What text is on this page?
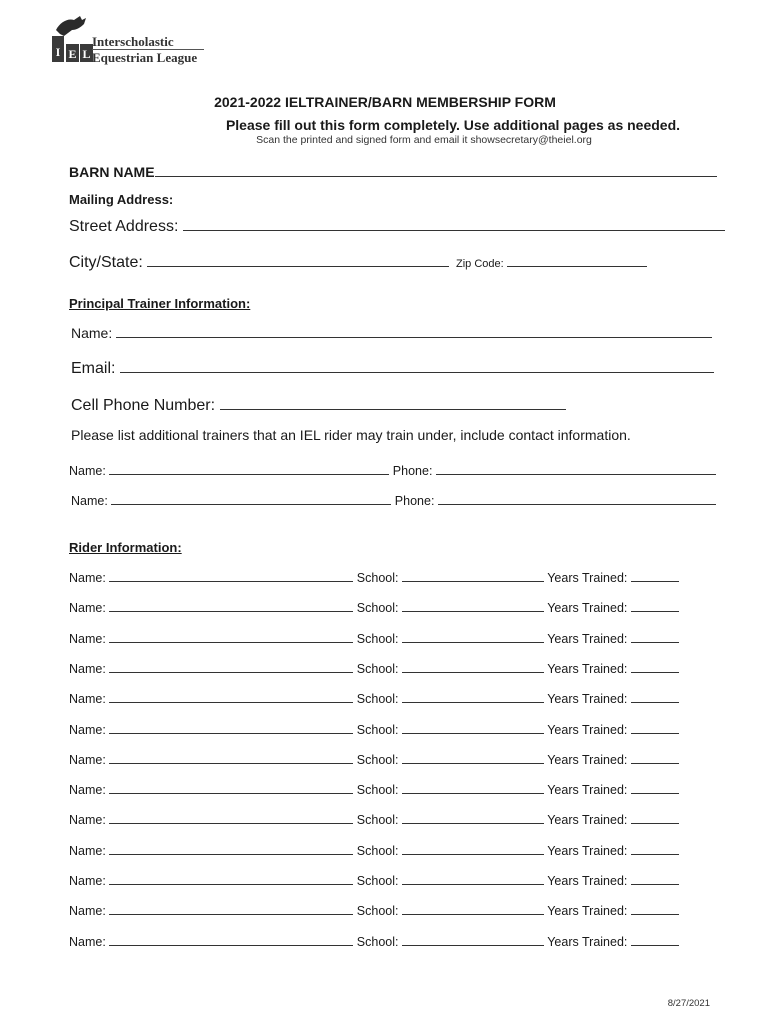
I E L
Interscholastic
Equestrian League
2021-2022 IELTRAINER/BARN MEMBERSHIP FORM
Please fill out this form completely. Use additional pages as needed.
Scan the printed and signed form and email it showsecretary@theiel.org
BARN NAME
Mailing Address:
Street Address:
City/State:	Zip Code:
Principal Trainer Information:
Name:
Email:
Cell Phone Number:
Please list additional trainers that an IEL rider may train under, include contact information.
Name:	Phone:
Name:	Phone:
Rider Information:
Name:	School:	Years Trained:
Name:	School:	Years Trained:
Name:	School:	Years Trained:
Name:	School:	Years Trained:
Name:	School:	Years Trained:
Name:	School:	Years Trained:
Name:	School:	Years Trained:
Name:	School:	Years Trained:
Name:	School:	Years Trained:
Name:	School:	Years Trained:
Name:	School:	Years Trained:
Name:	School:	Years Trained:
Name:	School:	Years Trained:
8/27/2021
